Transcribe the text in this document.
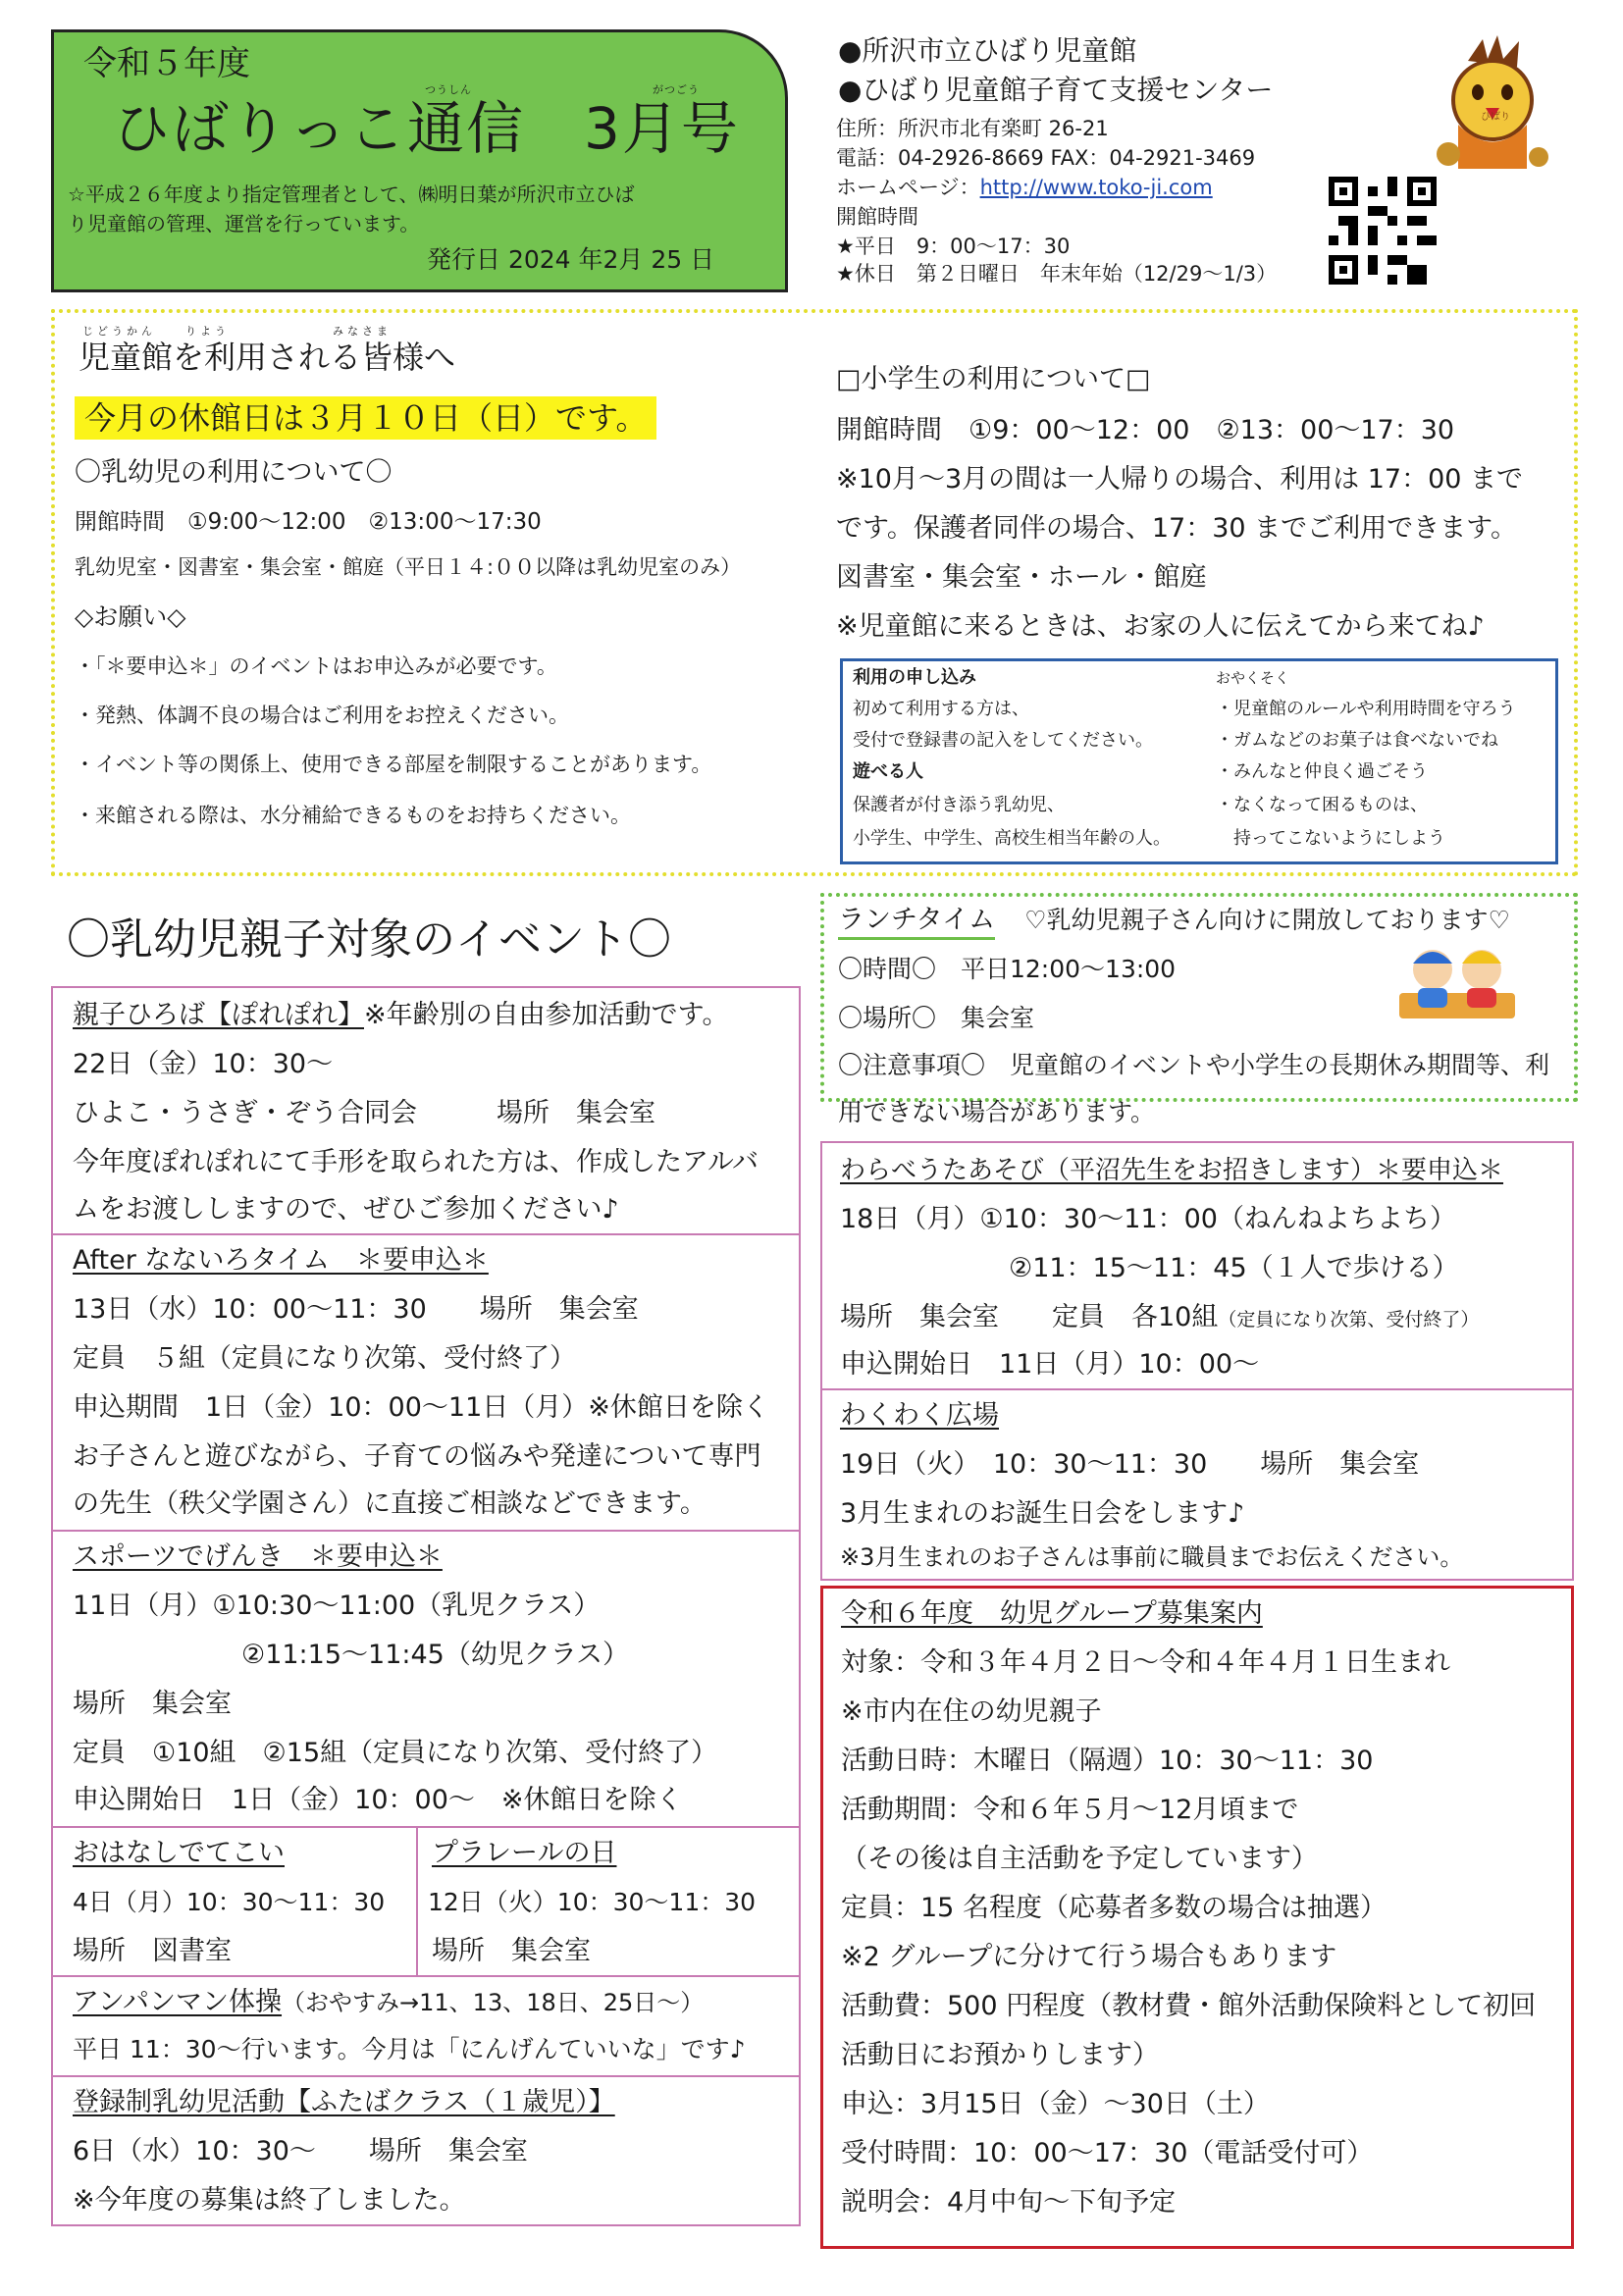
令和５年度
つうしん	がつごう
ひばりっこ通信　3月号
☆平成２６年度より指定管理者として、㈱明日葉が所沢市立ひば
り児童館の管理、運営を行っています。
発行日 2024 年2月 25 日
●所沢市立ひばり児童館
●ひばり児童館子育て支援センター
住所：所沢市北有楽町 26-21
電話：04-2926-8669 FAX：04-2921-3469
ホームページ：http://www.toko-ji.com
開館時間
★平日　9：00～17：30
★休日　第２日曜日　年末年始（12/29～1/3）
ひばり
じどうかん　　りよう　　　　　　　みなさま
児童館を利用される皆様へ
今月の休館日は３月１０日（日）です。
〇乳幼児の利用について〇
開館時間　①9:00～12:00　②13:00～17:30
乳幼児室・図書室・集会室・館庭（平日１４:００以降は乳幼児室のみ）
◇お願い◇
・「＊要申込＊」のイベントはお申込みが必要です。
・発熱、体調不良の場合はご利用をお控えください。
・イベント等の関係上、使用できる部屋を制限することがあります。
・来館される際は、水分補給できるものをお持ちください。
□小学生の利用について□
開館時間　①9：00～12：00　②13：00～17：30
※10月～3月の間は一人帰りの場合、利用は 17：00 まで
です。保護者同伴の場合、17：30 までご利用できます。
図書室・集会室・ホール・館庭
※児童館に来るときは、お家の人に伝えてから来てね♪
利用の申し込み
初めて利用する方は、
受付で登録書の記入をしてください。
遊べる人
保護者が付き添う乳幼児、
小学生、中学生、高校生相当年齢の人。
おやくそく
・児童館のルールや利用時間を守ろう
・ガムなどのお菓子は食べないでね
・みんなと仲良く過ごそう
・なくなって困るものは、
　持ってこないようにしよう
〇乳幼児親子対象のイベント〇
親子ひろば【ぽれぽれ】※年齢別の自由参加活動です。
22日（金）10：30～
ひよこ・うさぎ・ぞう合同会　　　場所　集会室
今年度ぽれぽれにて手形を取られた方は、作成したアルバ
ムをお渡ししますので、ぜひご参加ください♪
After なないろタイム　＊要申込＊
13日（水）10：00～11：30　　場所　集会室
定員　５組（定員になり次第、受付終了）
申込期間　1日（金）10：00～11日（月）※休館日を除く
お子さんと遊びながら、子育ての悩みや発達について専門
の先生（秩父学園さん）に直接ご相談などできます。
スポーツでげんき　＊要申込＊
11日（月）①10:30～11:00（乳児クラス）
②11:15～11:45（幼児クラス）
場所　集会室
定員　①10組　②15組（定員になり次第、受付終了）
申込開始日　1日（金）10：00～　※休館日を除く
おはなしでてこい
4日（月）10：30～11：30
場所　図書室
プラレールの日
12日（火）10：30～11：30
場所　集会室
アンパンマン体操（おやすみ→11、13、18日、25日～）
平日 11：30～行います。今月は「にんげんていいな」です♪
登録制乳幼児活動【ふたばクラス（１歳児）】
6日（水）10：30～　　場所　集会室
※今年度の募集は終了しました。
ランチタイム ♡乳幼児親子さん向けに開放しております♡
〇時間〇　平日12:00～13:00
〇場所〇　集会室
〇注意事項〇　児童館のイベントや小学生の長期休み期間等、利
用できない場合があります。
わらべうたあそび（平沼先生をお招きします）＊要申込＊
18日（月）①10：30～11：00（ねんねよちよち）
②11：15～11：45（１人で歩ける）
場所　集会室　　定員　各10組（定員になり次第、受付終了）
申込開始日　11日（月）10：00～
わくわく広場
19日（火）　10：30～11：30　　場所　集会室
3月生まれのお誕生日会をします♪
※3月生まれのお子さんは事前に職員までお伝えください。
令和６年度　幼児グループ募集案内
対象：令和３年４月２日～令和４年４月１日生まれ
※市内在住の幼児親子
活動日時：木曜日（隔週）10：30～11：30
活動期間：令和６年５月～12月頃まで
（その後は自主活動を予定しています）
定員：15 名程度（応募者多数の場合は抽選）
※2 グループに分けて行う場合もあります
活動費：500 円程度（教材費・館外活動保険料として初回
活動日にお預かりします）
申込：3月15日（金）～30日（土）
受付時間：10：00～17：30（電話受付可）
説明会：4月中旬～下旬予定
